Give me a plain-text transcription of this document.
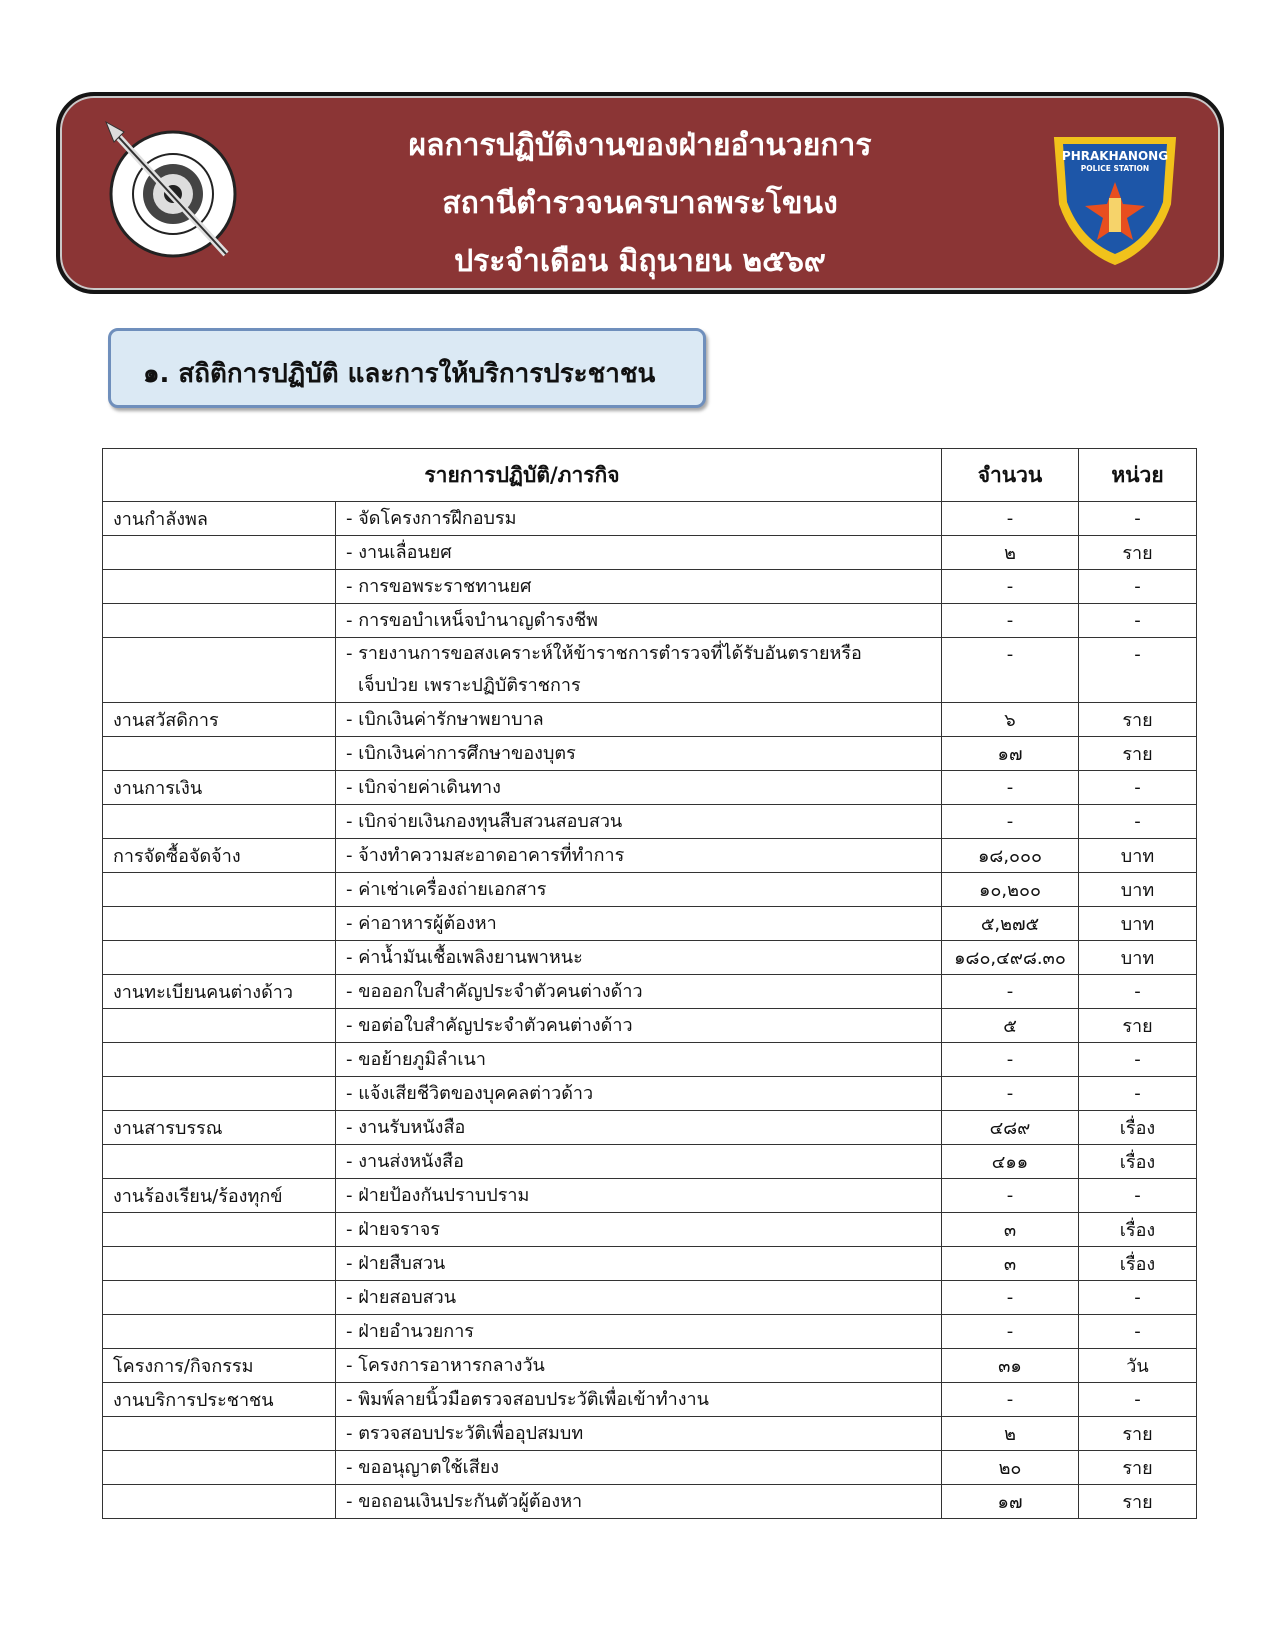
ผลการปฏิบัติงานของฝ่ายอำนวยการ
สถานีตำรวจนครบาลพระโขนง
ประจำเดือน มิถุนายน ๒๕๖๙
PHRAKHANONG
POLICE STATION
๑. สถิติการปฏิบัติ และการให้บริการประชาชน
รายการปฏิบัติ/ภารกิจ		จำนวน	หน่วย
งานกำลังพล	- จัดโครงการฝึกอบรม	-	-

	- งานเลื่อนยศ	๒	ราย

	- การขอพระราชทานยศ	-	-

	- การขอบำเหน็จบำนาญดำรงชีพ	-	-

	- รายงานการขอสงเคราะห์ให้ข้าราชการตำรวจที่ได้รับอันตรายหรือ
เจ็บป่วย เพราะปฏิบัติราชการ	-	-
งานสวัสดิการ	- เบิกเงินค่ารักษาพยาบาล	๖	ราย

	- เบิกเงินค่าการศึกษาของบุตร	๑๗	ราย
งานการเงิน	- เบิกจ่ายค่าเดินทาง	-	-

	- เบิกจ่ายเงินกองทุนสืบสวนสอบสวน	-	-
การจัดซื้อจัดจ้าง	- จ้างทำความสะอาดอาคารที่ทำการ	๑๘,๐๐๐	บาท

	- ค่าเช่าเครื่องถ่ายเอกสาร	๑๐,๒๐๐	บาท

	- ค่าอาหารผู้ต้องหา	๕,๒๗๕	บาท

	- ค่าน้ำมันเชื้อเพลิงยานพาหนะ	๑๘๐,๔๙๘.๓๐	บาท
งานทะเบียนคนต่างด้าว	- ขอออกใบสำคัญประจำตัวคนต่างด้าว	-	-

	- ขอต่อใบสำคัญประจำตัวคนต่างด้าว	๕	ราย

	- ขอย้ายภูมิลำเนา	-	-

	- แจ้งเสียชีวิตของบุคคลต่าวด้าว	-	-
งานสารบรรณ	- งานรับหนังสือ	๔๘๙	เรื่อง

	- งานส่งหนังสือ	๔๑๑	เรื่อง
งานร้องเรียน/ร้องทุกข์	- ฝ่ายป้องกันปราบปราม	-	-

	- ฝ่ายจราจร	๓	เรื่อง

	- ฝ่ายสืบสวน	๓	เรื่อง

	- ฝ่ายสอบสวน	-	-

	- ฝ่ายอำนวยการ	-	-
โครงการ/กิจกรรม	- โครงการอาหารกลางวัน	๓๑	วัน
งานบริการประชาชน	- พิมพ์ลายนิ้วมือตรวจสอบประวัติเพื่อเข้าทำงาน	-	-

	- ตรวจสอบประวัติเพื่ออุปสมบท	๒	ราย

	- ขออนุญาตใช้เสียง	๒๐	ราย

	- ขอถอนเงินประกันตัวผู้ต้องหา	๑๗	ราย
